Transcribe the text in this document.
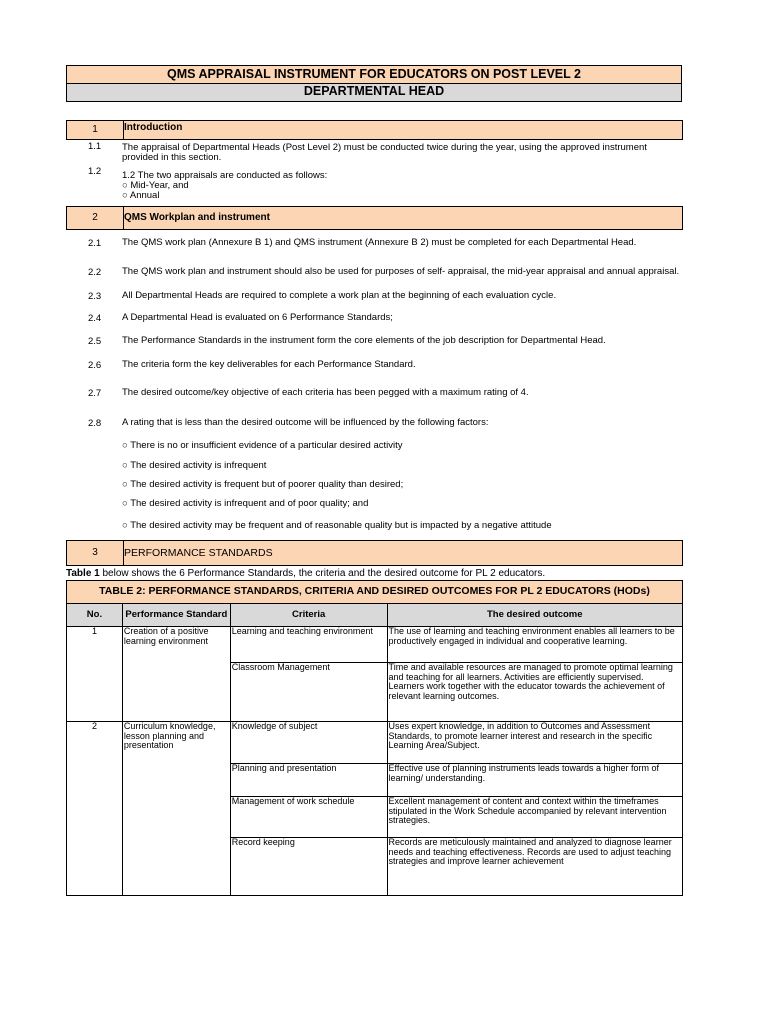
QMS APPRAISAL INSTRUMENT FOR EDUCATORS ON POST LEVEL 2
DEPARTMENTAL HEAD
1	Introduction
1.1 The appraisal of Departmental Heads (Post Level 2) must be conducted twice during the year, using the approved instrument provided in this section.
1.2 1.2 The two appraisals are conducted as follows:
○ Mid-Year, and
○ Annual
2	QMS Workplan and instrument
2.1 The QMS work plan (Annexure B 1) and QMS instrument (Annexure B 2) must be completed for each Departmental Head.
2.2 The QMS work plan and instrument should also be used for purposes of self- appraisal, the mid-year appraisal and annual appraisal.
2.3 All Departmental Heads are required to complete a work plan at the beginning of each evaluation cycle.
2.4 A Departmental Head is evaluated on 6 Performance Standards;
2.5 The Performance Standards in the instrument form the core elements of the job description for Departmental Head.
2.6 The criteria form the key deliverables for each Performance Standard.
2.7 The desired outcome/key objective of each criteria has been pegged with a maximum rating of 4.
2.8 A rating that is less than the desired outcome will be influenced by the following factors:
○ There is no or insufficient evidence of a particular desired activity
○ The desired activity is infrequent
○ The desired activity is frequent but of poorer quality than desired;
○ The desired activity is infrequent and of poor quality; and
○ The desired activity may be frequent and of reasonable quality but is impacted by a negative attitude
3	PERFORMANCE STANDARDS
Table 1 below shows the 6 Performance Standards, the criteria and the desired outcome for PL 2 educators.
TABLE 2: PERFORMANCE STANDARDS, CRITERIA AND DESIRED OUTCOMES FOR PL 2 EDUCATORS (HODs)			
No.	Performance Standard	Criteria	The desired outcome
1	Creation of a positive learning environment	Learning and teaching environment	The use of learning and teaching environment enables all learners to be productively engaged in individual and cooperative learning.
		Classroom Management	Time and available resources are managed to promote optimal learning and teaching for all learners. Activities are efficiently supervised. Learners work together with the educator towards the achievement of relevant learning outcomes.
2	Curriculum knowledge, lesson planning and presentation	Knowledge of subject	Uses expert knowledge, in addition to Outcomes and Assessment Standards, to promote learner interest and research in the specific Learning Area/Subject.
		Planning and presentation	Effective use of planning instruments leads towards a higher form of learning/ understanding.
		Management of work schedule	Excellent management of content and context within the timeframes stipulated in the Work Schedule accompanied by relevant intervention strategies.
		Record keeping	Records are meticulously maintained and analyzed to diagnose learner needs and teaching effectiveness. Records are used to adjust teaching strategies and improve learner achievement
